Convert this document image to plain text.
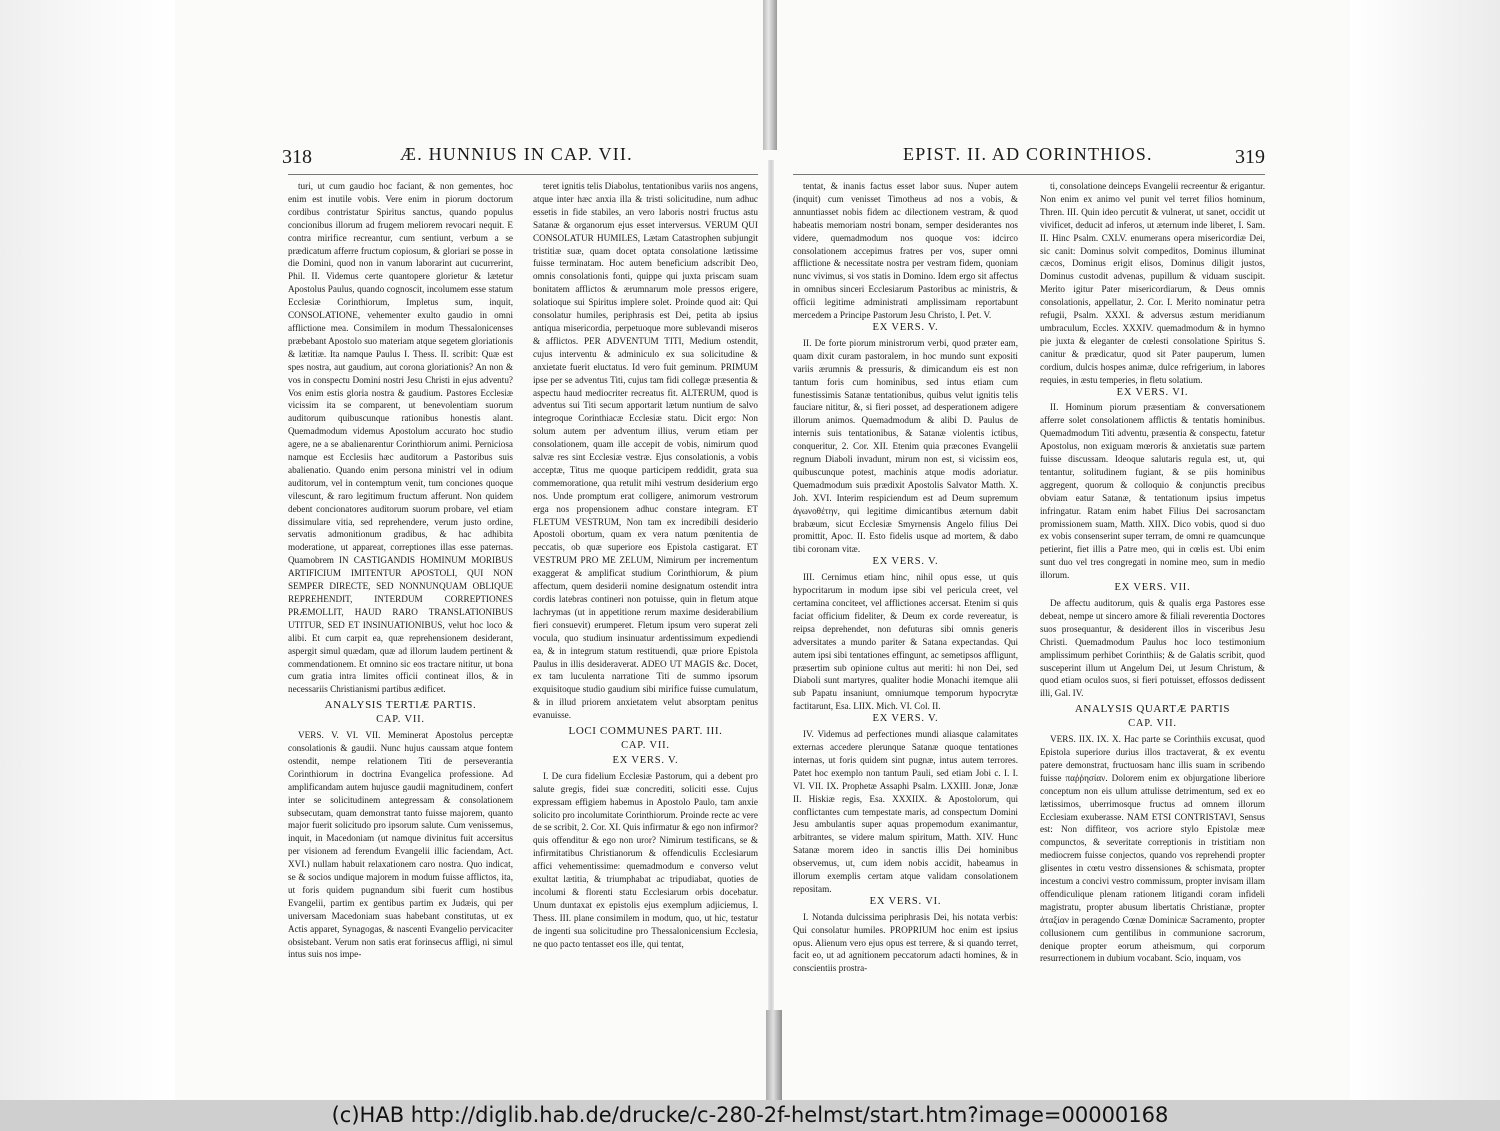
318	Æ. HUNNIUS IN CAP. VII.

turi, ut cum gaudio hoc faciant, & non gementes, hoc enim est inutile vobis. Vere enim in piorum doctorum cordibus contristatur Spiritus sanctus, quando populus concionibus illorum ad frugem meliorem revocari nequit. E contra mirifice recreantur, cum sentiunt, verbum a se prædicatum afferre fructum copiosum, & gloriari se posse in die Domini, quod non in vanum laborarint aut cucurrerint, Phil. II. Videmus certe quantopere glorietur & lætetur Apostolus Paulus, quando cognoscit, incolumem esse statum Ecclesiæ Corinthiorum, Impletus sum, inquit, CONSOLATIONE, vehementer exulto gaudio in omni afflictione mea. Consimilem in modum Thessalonicenses præbebant Apostolo suo materiam atque segetem gloriationis & lætitiæ. Ita namque Paulus I. Thess. II. scribit: Quæ est spes nostra, aut gaudium, aut corona gloriationis? An non & vos in conspectu Domini nostri Jesu Christi in ejus adventu? Vos enim estis gloria nostra & gaudium. Pastores Ecclesiæ vicissim ita se comparent, ut benevolentiam suorum auditorum quibuscunque rationibus honestis alant. Quemadmodum videmus Apostolum accurato hoc studio agere, ne a se abalienarentur Corinthiorum animi. Perniciosa namque est Ecclesiis hæc auditorum a Pastoribus suis abalienatio. Quando enim persona ministri vel in odium auditorum, vel in contemptum venit, tum conciones quoque vilescunt, & raro legitimum fructum afferunt. Non quidem debent concionatores auditorum suorum probare, vel etiam dissimulare vitia, sed reprehendere, verum justo ordine, servatis admonitionum gradibus, & hac adhibita moderatione, ut appareat, correptiones illas esse paternas. Quamobrem IN CASTIGANDIS HOMINUM MORIBUS ARTIFICIUM IMITENTUR APOSTOLI, QUI NON SEMPER DIRECTE, SED NONNUNQUAM OBLIQUE REPREHENDIT, INTERDUM CORREPTIONES PRÆMOLLIT, HAUD RARO TRANSLATIONIBUS UTITUR, SED ET INSINUATIONIBUS, velut hoc loco & alibi. Et cum carpit ea, quæ reprehensionem desiderant, aspergit simul quædam, quæ ad illorum laudem pertinent & commendationem. Et omnino sic eos tractare nititur, ut bona cum gratia intra limites officii contineat illos, & in necessariis Christianismi partibus ædificet.

ANALYSIS TERTIÆ PARTIS.
CAP. VII.

VERS. V. VI. VII. Meminerat Apostolus perceptæ consolationis & gaudii. Nunc hujus caussam atque fontem ostendit, nempe relationem Titi de perseverantia Corinthiorum in doctrina Evangelica professione. Ad amplificandam autem hujusce gaudii magnitudinem, confert inter se solicitudinem antegressam & consolationem subsecutam, quam demonstrat tanto fuisse majorem, quanto major fuerit solicitudo pro ipsorum salute. Cum venissemus, inquit, in Macedoniam (ut namque divinitus fuit accersitus per visionem ad ferendum Evangelii illic faciendam, Act. XVI.) nullam habuit relaxationem caro nostra. Quo indicat, se & socios undique majorem in modum fuisse afflictos, ita, ut foris quidem pugnandum sibi fuerit cum hostibus Evangelii, partim ex gentibus partim ex Judæis, qui per universam Macedoniam suas habebant constitutas, ut ex Actis apparet, Synagogas, & nascenti Evangelio pervicaciter obsistebant. Verum non satis erat forinsecus affligi, ni simul intus suis nos impe-

teret ignitis telis Diabolus, tentationibus variis nos angens, atque inter hæc anxia illa & tristi solicitudine, num adhuc essetis in fide stabiles, an vero laboris nostri fructus astu Satanæ & organorum ejus esset interversus. VERUM QUI CONSOLATUR HUMILES, Lætam Catastrophen subjungit tristitiæ suæ, quam docet optata consolatione lætissime fuisse terminatam. Hoc autem beneficium adscribit Deo, omnis consolationis fonti, quippe qui juxta priscam suam bonitatem afflictos & ærumnarum mole pressos erigere, solatioque sui Spiritus implere solet. Proinde quod ait: Qui consolatur humiles, periphrasis est Dei, petita ab ipsius antiqua misericordia, perpetuoque more sublevandi miseros & afflictos. PER ADVENTUM TITI, Medium ostendit, cujus interventu & adminiculo ex sua solicitudine & anxietate fuerit eluctatus. Id vero fuit geminum. PRIMUM ipse per se adventus Titi, cujus tam fidi collegæ præsentia & aspectu haud mediocriter recreatus fit. ALTERUM, quod is adventus sui Titi secum apportarit lætum nuntium de salvo integroque Corinthiacæ Ecclesiæ statu. Dicit ergo: Non solum autem per adventum illius, verum etiam per consolationem, quam ille accepit de vobis, nimirum quod salvæ res sint Ecclesiæ vestræ. Ejus consolationis, a vobis acceptæ, Titus me quoque participem reddidit, grata sua commemoratione, qua retulit mihi vestrum desiderium ergo nos. Unde promptum erat colligere, animorum vestrorum erga nos propensionem adhuc constare integram. ET FLETUM VESTRUM, Non tam ex incredibili desiderio Apostoli obortum, quam ex vera natum pœnitentia de peccatis, ob quæ superiore eos Epistola castigarat. ET VESTRUM PRO ME ZELUM, Nimirum per incrementum exaggerat & amplificat studium Corinthiorum, & pium affectum, quem desiderii nomine designatum ostendit intra cordis latebras contineri non potuisse, quin in fletum atque lachrymas (ut in appetitione rerum maxime desiderabilium fieri consuevit) erumperet. Fletum ipsum vero superat zeli vocula, quo studium insinuatur ardentissimum expediendi ea, & in integrum statum restituendi, quæ priore Epistola Paulus in illis desideraverat. ADEO UT MAGIS &c. Docet, ex tam luculenta narratione Titi de summo ipsorum exquisitoque studio gaudium sibi mirifice fuisse cumulatum, & in illud priorem anxietatem velut absorptam penitus evanuisse.

LOCI COMMUNES PART. III.
CAP. VII.
EX VERS. V.

I. De cura fidelium Ecclesiæ Pastorum, qui a debent pro salute gregis, fidei suæ concrediti, soliciti esse. Cujus expressam effigiem habemus in Apostolo Paulo, tam anxie solicito pro incolumitate Corinthiorum. Proinde recte ac vere de se scribit, 2. Cor. XI. Quis infirmatur & ego non infirmor? quis offenditur & ego non uror? Nimirum testificans, se & infirmitatibus Christianorum & offendiculis Ecclesiarum affici vehementissime: quemadmodum e converso velut exultat lætitia, & triumphabat ac tripudiabat, quoties de incolumi & florenti statu Ecclesiarum orbis docebatur. Unum duntaxat ex epistolis ejus exemplum adjiciemus, I. Thess. III. plane consimilem in modum, quo, ut hic, testatur de ingenti sua solicitudine pro Thessalonicensium Ecclesia, ne quo pacto tentasset eos ille, qui tentat,

EPIST. II. AD CORINTHIOS.	319

tentat, & inanis factus esset labor suus. Nuper autem (inquit) cum venisset Timotheus ad nos a vobis, & annuntiasset nobis fidem ac dilectionem vestram, & quod habeatis memoriam nostri bonam, semper desiderantes nos videre, quemadmodum nos quoque vos: idcirco consolationem accepimus fratres per vos, super omni afflictione & necessitate nostra per vestram fidem, quoniam nunc vivimus, si vos statis in Domino. Idem ergo sit affectus in omnibus sinceri Ecclesiarum Pastoribus ac ministris, & officii legitime administrati amplissimam reportabunt mercedem a Principe Pastorum Jesu Christo, I. Pet. V.

EX VERS. V.

II. De forte piorum ministrorum verbi, quod præter eam, quam dixit curam pastoralem, in hoc mundo sunt expositi variis ærumnis & pressuris, & dimicandum eis est non tantum foris cum hominibus, sed intus etiam cum funestissimis Satanæ tentationibus, quibus velut ignitis telis fauciare nititur, &, si fieri posset, ad desperationem adigere illorum animos. Quemadmodum & alibi D. Paulus de internis suis tentationibus, & Satanæ violentis ictibus, conqueritur, 2. Cor. XII. Etenim quia præcones Evangelii regnum Diaboli invadunt, mirum non est, si vicissim eos, quibuscunque potest, machinis atque modis adoriatur. Quemadmodum suis prædixit Apostolis Salvator Matth. X. Joh. XVI. Interim respiciendum est ad Deum supremum ἀγωνοθέτην, qui legitime dimicantibus æternum dabit brabæum, sicut Ecclesiæ Smyrnensis Angelo filius Dei promittit, Apoc. II. Esto fidelis usque ad mortem, & dabo tibi coronam vitæ.

EX VERS. V.

III. Cernimus etiam hinc, nihil opus esse, ut quis hypocritarum in modum ipse sibi vel pericula creet, vel certamina conciteet, vel afflictiones accersat. Etenim si quis faciat officium fideliter, & Deum ex corde revereatur, is reipsa deprehendet, non defuturas sibi omnis generis adversitates a mundo pariter & Satana expectandas. Qui autem ipsi sibi tentationes effingunt, ac semetipsos affligunt, præsertim sub opinione cultus aut meriti: hi non Dei, sed Diaboli sunt martyres, qualiter hodie Monachi itemque alii sub Papatu insaniunt, omniumque temporum hypocrytæ factitarunt, Esa. LIIX. Mich. VI. Col. II.

EX VERS. V.

IV. Videmus ad perfectiones mundi aliasque calamitates externas accedere plerunque Satanæ quoque tentationes internas, ut foris quidem sint pugnæ, intus autem terrores. Patet hoc exemplo non tantum Pauli, sed etiam Jobi c. I. I. VI. VII. IX. Prophetæ Assaphi Psalm. LXXIII. Jonæ, Jonæ II. Hiskiæ regis, Esa. XXXIIX. & Apostolorum, qui conflictantes cum tempestate maris, ad conspectum Domini Jesu ambulantis super aquas propemodum exanimantur, arbitrantes, se videre malum spiritum, Matth. XIV. Hunc Satanæ morem ideo in sanctis illis Dei hominibus observemus, ut, cum idem nobis accidit, habeamus in illorum exemplis certam atque validam consolationem repositam.

EX VERS. VI.

I. Notanda dulcissima periphrasis Dei, his notata verbis: Qui consolatur humiles. PROPRIUM hoc enim est ipsius opus. Alienum vero ejus opus est terrere, & si quando terret, facit eo, ut ad agnitionem peccatorum adacti homines, & in conscientiis prostra-

ti, consolatione deinceps Evangelii recreentur & erigantur. Non enim ex animo vel punit vel terret filios hominum, Thren. III. Quin ideo percutit & vulnerat, ut sanet, occidit ut vivificet, deducit ad inferos, ut æternum inde liberet, I. Sam. II. Hinc Psalm. CXLV. enumerans opera misericordiæ Dei, sic canit: Dominus solvit compeditos, Dominus illuminat cæcos, Dominus erigit elisos, Dominus diligit justos, Dominus custodit advenas, pupillum & viduam suscipit. Merito igitur Pater misericordiarum, & Deus omnis consolationis, appellatur, 2. Cor. I. Merito nominatur petra refugii, Psalm. XXXI. & adversus æstum meridianum umbraculum, Eccles. XXXIV. quemadmodum & in hymno pie juxta & eleganter de cœlesti consolatione Spiritus S. canitur & prædicatur, quod sit Pater pauperum, lumen cordium, dulcis hospes animæ, dulce refrigerium, in labores requies, in æstu temperies, in fletu solatium.

EX VERS. VI.

II. Hominum piorum præsentiam & conversationem afferre solet consolationem afflictis & tentatis hominibus. Quemadmodum Titi adventu, præsentia & conspectu, fatetur Apostolus, non exiguam mœroris & anxietatis suæ partem fuisse discussam. Ideoque salutaris regula est, ut, qui tentantur, solitudinem fugiant, & se piis hominibus aggregent, quorum & colloquio & conjunctis precibus obviam eatur Satanæ, & tentationum ipsius impetus infringatur. Ratam enim habet Filius Dei sacrosanctam promissionem suam, Matth. XIIX. Dico vobis, quod si duo ex vobis consenserint super terram, de omni re quamcunque petierint, fiet illis a Patre meo, qui in cœlis est. Ubi enim sunt duo vel tres congregati in nomine meo, sum in medio illorum.

EX VERS. VII.

De affectu auditorum, quis & qualis erga Pastores esse debeat, nempe ut sincero amore & filiali reverentia Doctores suos prosequantur, & desiderent illos in visceribus Jesu Christi. Quemadmodum Paulus hoc loco testimonium amplissimum perhibet Corinthiis; & de Galatis scribit, quod susceperint illum ut Angelum Dei, ut Jesum Christum, & quod etiam oculos suos, si fieri potuisset, effossos dedissent illi, Gal. IV.

ANALYSIS QUARTÆ PARTIS
CAP. VII.

VERS. IIX. IX. X. Hac parte se Corinthiis excusat, quod Epistola superiore durius illos tractaverat, & ex eventu patere demonstrat, fructuosam hanc illis suam in scribendo fuisse παῤῥησίαν. Dolorem enim ex objurgatione liberiore conceptum non eis ullum attulisse detrimentum, sed ex eo lætissimos, uberrimosque fructus ad omnem illorum Ecclesiam exuberasse. NAM ETSI CONTRISTAVI, Sensus est: Non diffiteor, vos acriore stylo Epistolæ meæ compunctos, & severitate correptionis in tristitiam non mediocrem fuisse conjectos, quando vos reprehendi propter glisentes in cœtu vestro dissensiones & schismata, propter incestum a concivi vestro commissum, propter invisam illam offendiculique plenam rationem litigandi coram infideli magistratu, propter abusum libertatis Christianæ, propter ἀταξίαν in peragendo Cœnæ Dominicæ Sacramento, propter collusionem cum gentilibus in communione sacrorum, denique propter eorum atheismum, qui corporum resurrectionem in dubium vocabant. Scio, inquam, vos

(c)HAB http://diglib.hab.de/drucke/c-280-2f-helmst/start.htm?image=00000168
